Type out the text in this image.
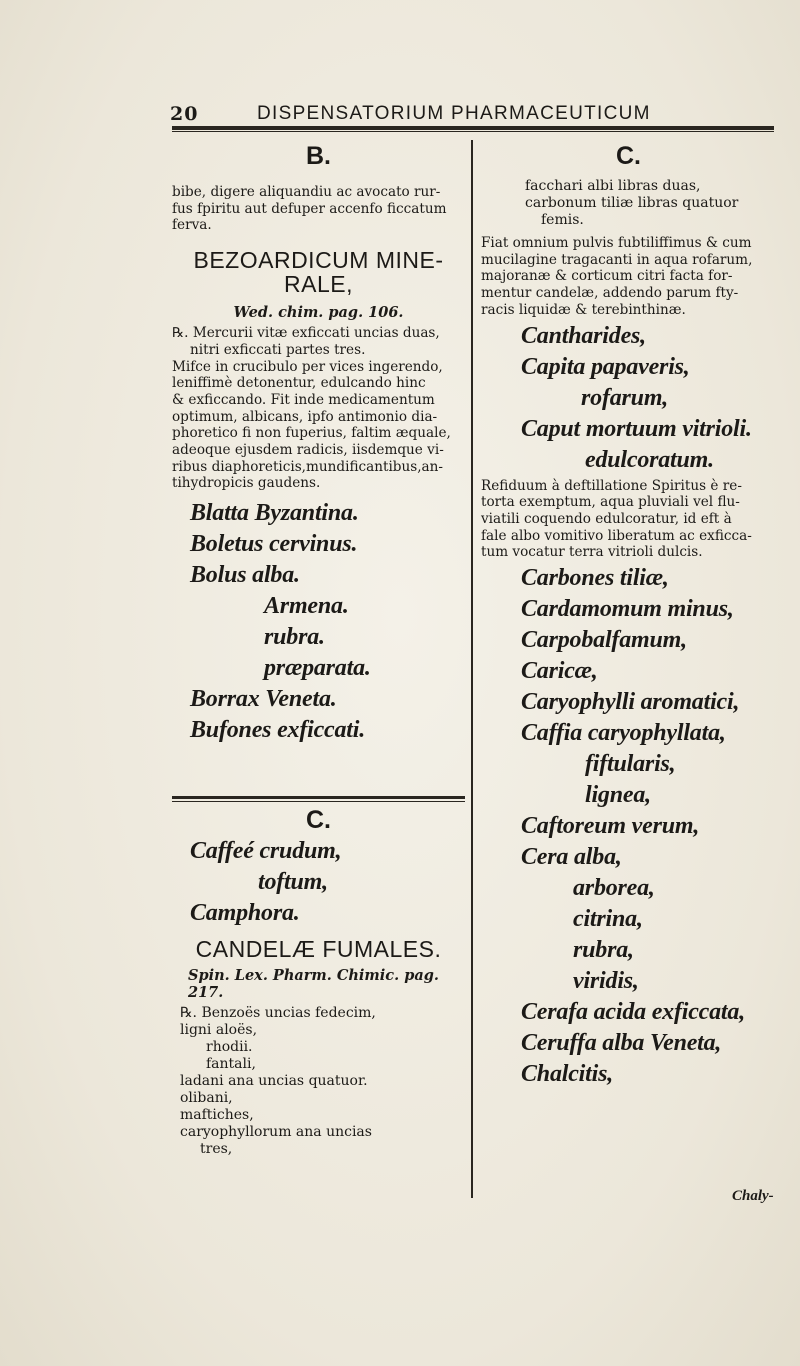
20	DISPENSATORIUM PHARMACEUTICUM
B.
bibe, digere aliquandiu ac avocato rur-
fus fpiritu aut defuper accenfo ficcatum
ferva.
BEZOARDICUM MINE-
RALE,
Wed. chim. pag. 106.
℞. Mercurii vitæ exficcati uncias duas,
nitri exficcati partes tres.
Mifce in crucibulo per vices ingerendo,
leniffimè detonentur, edulcando hinc
& exficcando. Fit inde medicamentum
optimum, albicans, ipfo antimonio dia-
phoretico fi non fuperius, faltim æquale,
adeoque ejusdem radicis, iisdemque vi-
ribus diaphoreticis,mundificantibus,an-
tihydropicis gaudens.
Blatta Byzantina.
Boletus cervinus.
Bolus alba.
Armena.
rubra.
præparata.
Borrax Veneta.
Bufones exficcati.
C.
Caffeé crudum,
toftum,
Camphora.
CANDELÆ FUMALES.
Spin. Lex. Pharm. Chimic. pag. 217.
℞. Benzoës uncias fedecim,
ligni aloës,
rhodii.
fantali,
ladani ana uncias quatuor.
olibani,
maftiches,
caryophyllorum ana uncias
tres,
C.
facchari albi libras duas,
carbonum tiliæ libras quatuor
femis.
Fiat omnium pulvis fubtiliffimus & cum
mucilagine tragacanti in aqua rofarum,
majoranæ & corticum citri facta for-
mentur candelæ, addendo parum fty-
racis liquidæ & terebinthinæ.
Cantharides,
Capita papaveris,
rofarum,
Caput mortuum vitrioli.
edulcoratum.
Refiduum à deftillatione Spiritus è re-
torta exemptum, aqua pluviali vel flu-
viatili coquendo edulcoratur, id eft à
fale albo vomitivo liberatum ac exficca-
tum vocatur terra vitrioli dulcis.
Carbones tiliæ,
Cardamomum minus,
Carpobalfamum,
Caricæ,
Caryophylli aromatici,
Caffia caryophyllata,
fiftularis,
lignea,
Caftoreum verum,
Cera alba,
arborea,
citrina,
rubra,
viridis,
Cerafa acida exficcata,
Ceruffa alba Veneta,
Chalcitis,
Chaly-
